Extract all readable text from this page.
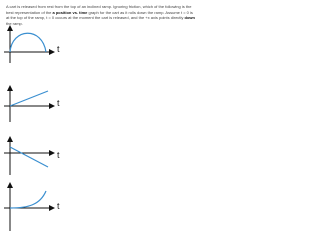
A cart is released from rest from the top of an inclined ramp. Ignoring friction, which of the following is the best representation of the a position vs. time graph for the cart as it rolls down the ramp. Assume t = 0 is at the top of the ramp, t = 0 occurs at the moment the cart is released, and the +x axis points directly down the ramp.

t
t
t
t
